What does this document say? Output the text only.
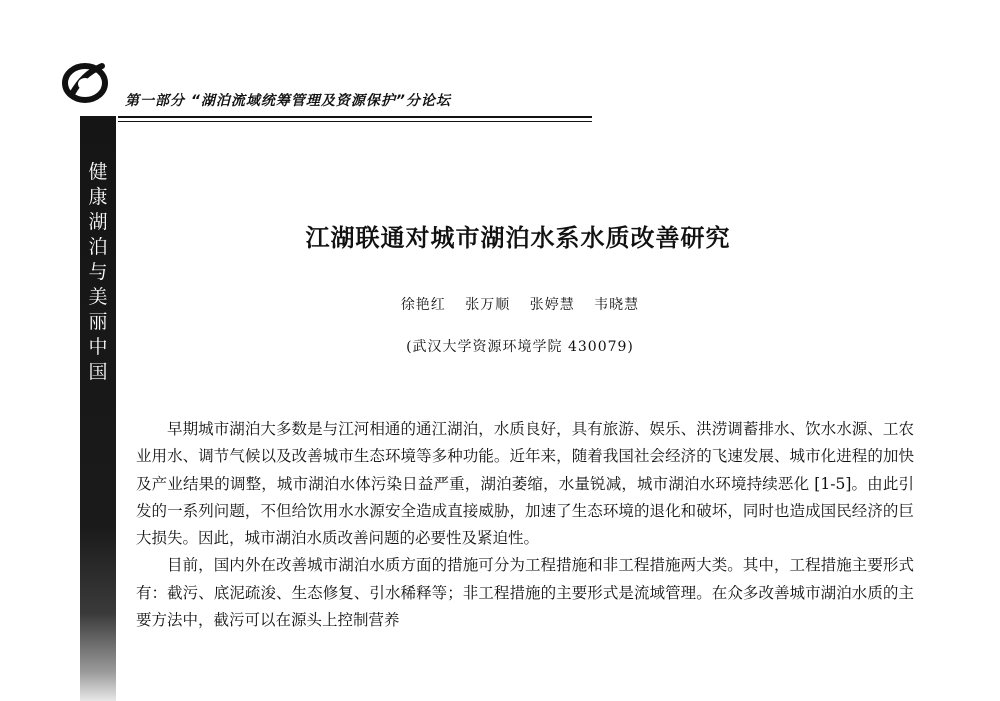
第一部分 “湖泊流域统筹管理及资源保护”分论坛
健
康
湖
泊
与
美
丽
中
国
江湖联通对城市湖泊水系水质改善研究
徐艳红 张万顺 张婷慧 韦晓慧
(武汉大学资源环境学院 430079)

早期城市湖泊大多数是与江河相通的通江湖泊，水质良好，具有旅游、娱乐、洪涝调蓄排水、饮水水源、工农业用水、调节气候以及改善城市生态环境等多种功能。近年来，随着我国社会经济的飞速发展、城市化进程的加快及产业结果的调整，城市湖泊水体污染日益严重，湖泊萎缩，水量锐减，城市湖泊水环境持续恶化 [1-5]。由此引发的一系列问题，不但给饮用水水源安全造成直接威胁，加速了生态环境的退化和破坏，同时也造成国民经济的巨大损失。因此，城市湖泊水质改善问题的必要性及紧迫性。

目前，国内外在改善城市湖泊水质方面的措施可分为工程措施和非工程措施两大类。其中，工程措施主要形式有：截污、底泥疏浚、生态修复、引水稀释等；非工程措施的主要形式是流域管理。在众多改善城市湖泊水质的主要方法中，截污可以在源头上控制营养
